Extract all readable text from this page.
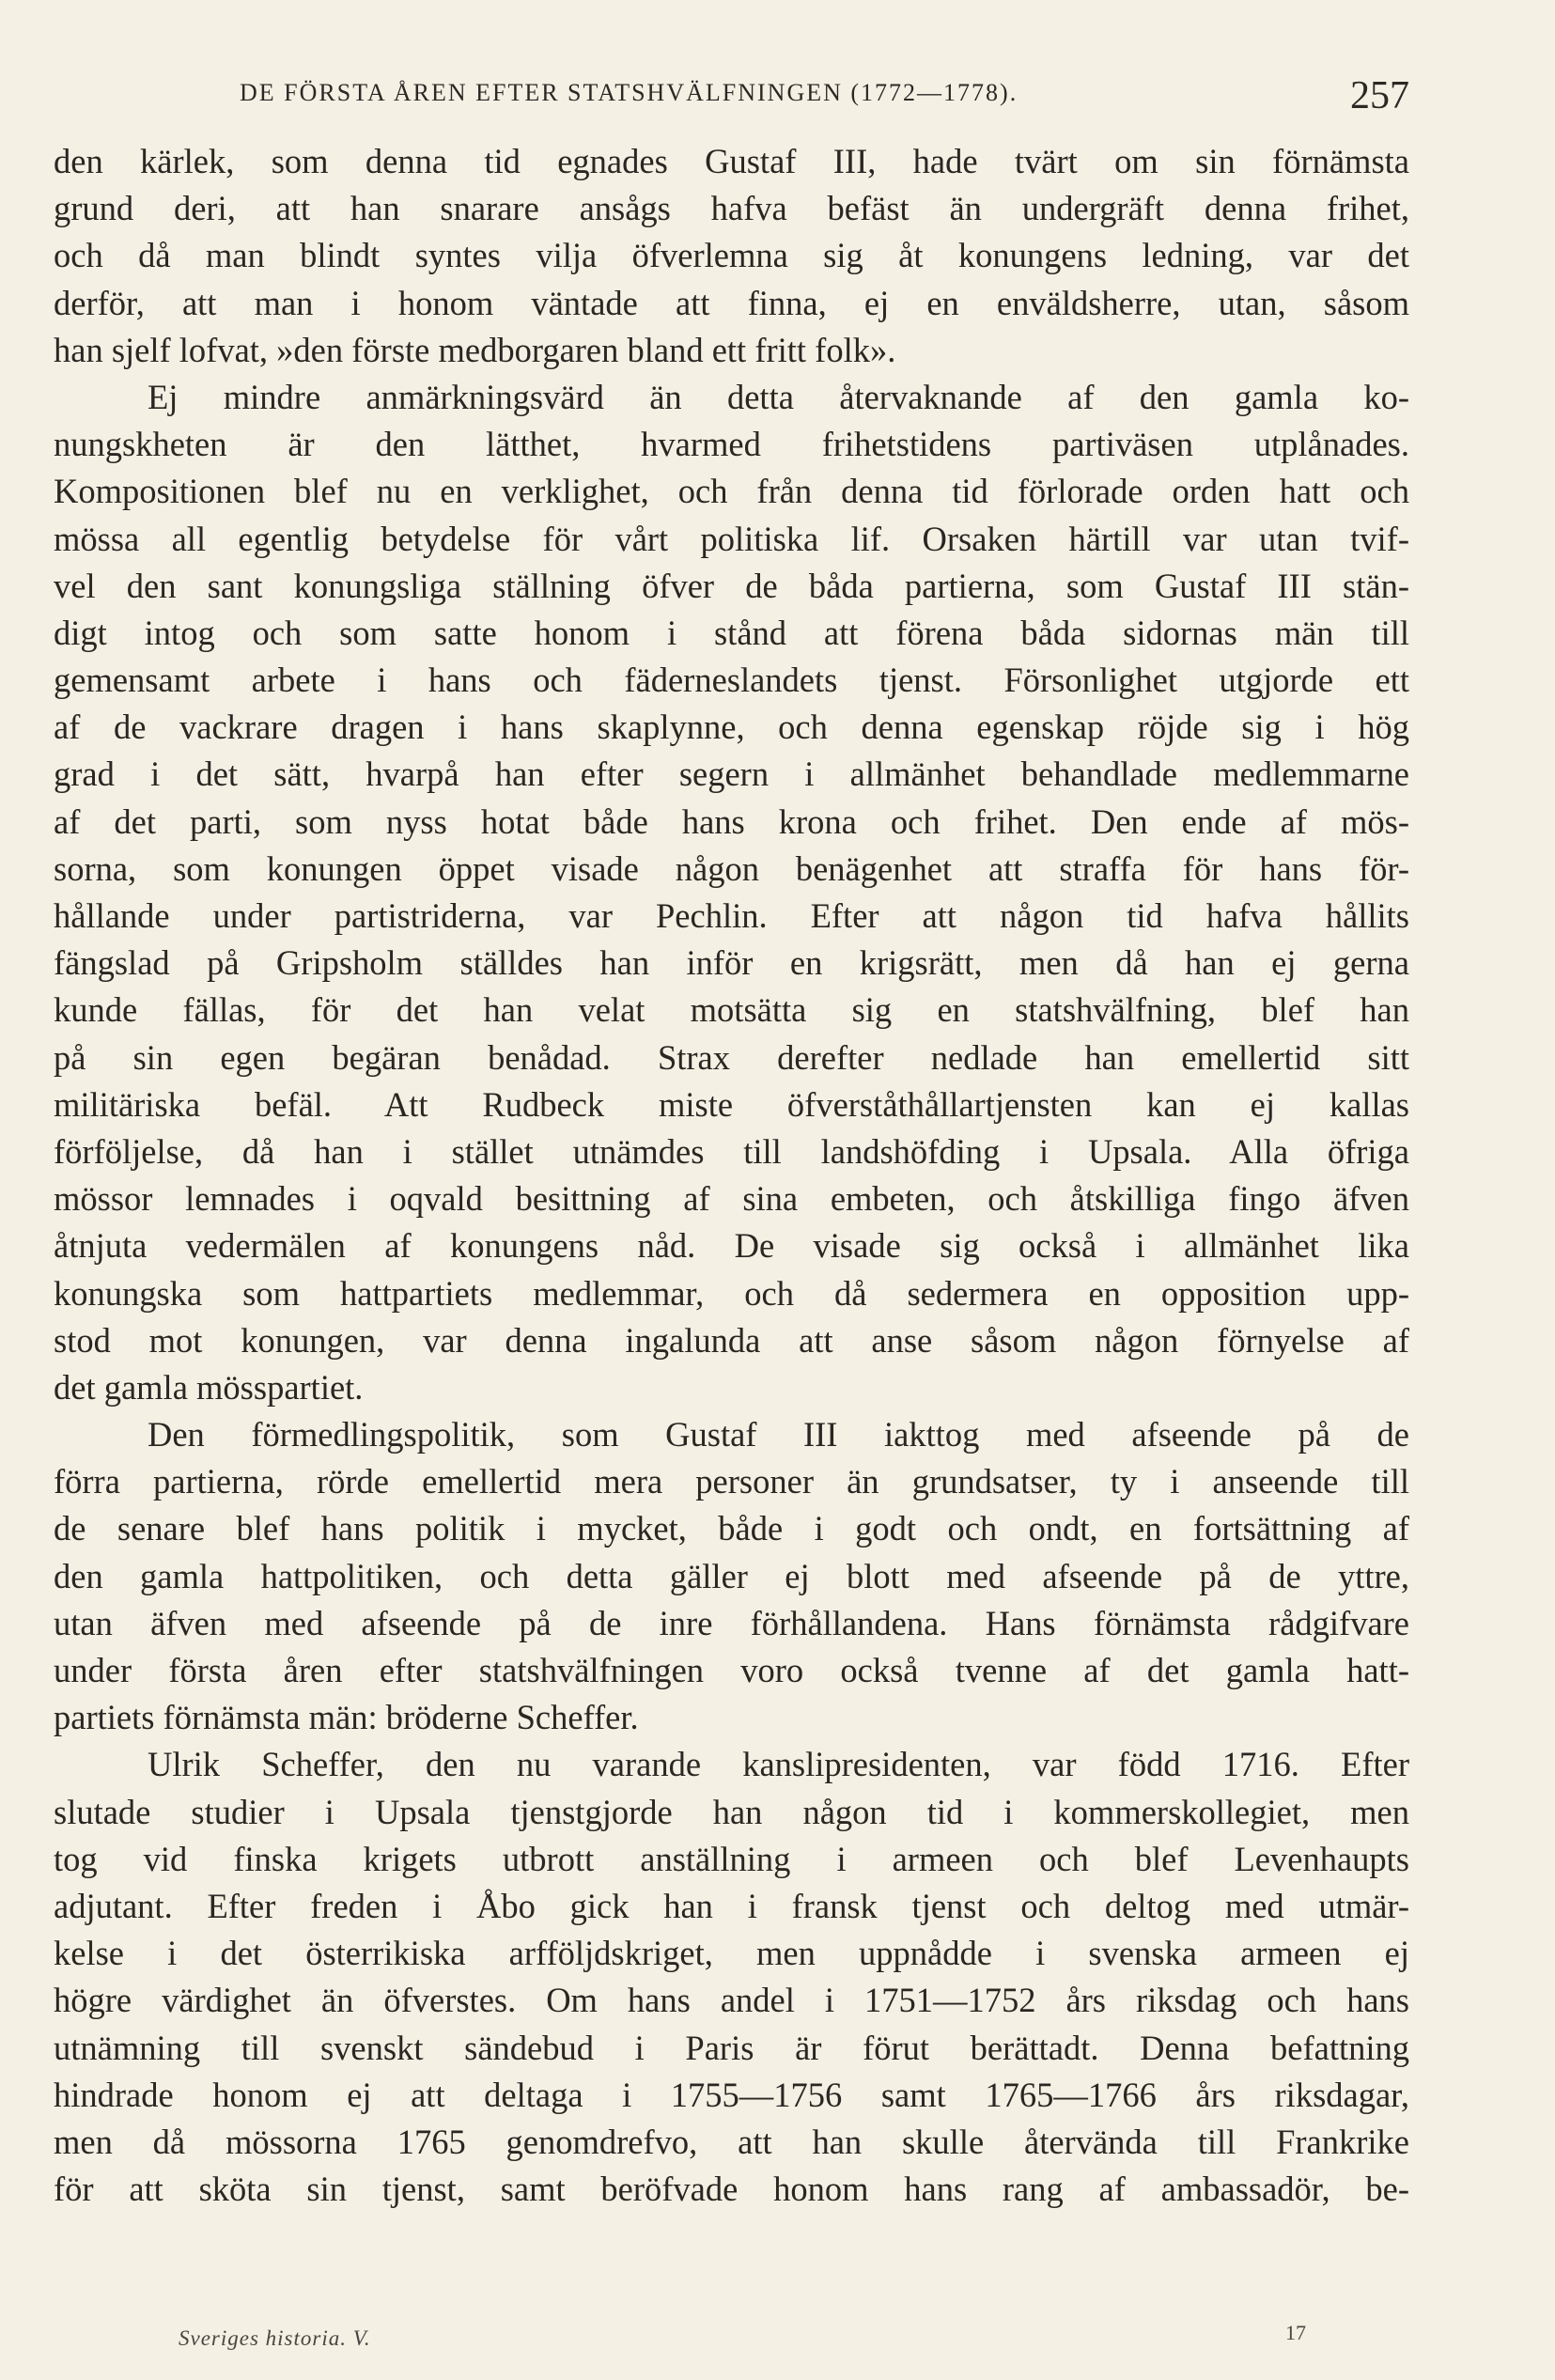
DE FÖRSTA ÅREN EFTER STATSHVÄLFNINGEN (1772—1778).	257
den kärlek, som denna tid egnades Gustaf III, hade tvärt om sin förnämsta
grund deri, att han snarare ansågs hafva befäst än undergräft denna frihet,
och då man blindt syntes vilja öfverlemna sig åt konungens ledning, var det
derför, att man i honom väntade att finna, ej en enväldsherre, utan, såsom
han sjelf lofvat, »den förste medborgaren bland ett fritt folk».
Ej mindre anmärkningsvärd än detta återvaknande af den gamla ko-
nungskheten är den lätthet, hvarmed frihetstidens partiväsen utplånades.
Kompositionen blef nu en verklighet, och från denna tid förlorade orden hatt och
mössa all egentlig betydelse för vårt politiska lif. Orsaken härtill var utan tvif-
vel den sant konungsliga ställning öfver de båda partierna, som Gustaf III stän-
digt intog och som satte honom i stånd att förena båda sidornas män till
gemensamt arbete i hans och fäderneslandets tjenst. Försonlighet utgjorde ett
af de vackrare dragen i hans skaplynne, och denna egenskap röjde sig i hög
grad i det sätt, hvarpå han efter segern i allmänhet behandlade medlemmarne
af det parti, som nyss hotat både hans krona och frihet. Den ende af mös-
sorna, som konungen öppet visade någon benägenhet att straffa för hans för-
hållande under partistriderna, var Pechlin. Efter att någon tid hafva hållits
fängslad på Gripsholm ställdes han inför en krigsrätt, men då han ej gerna
kunde fällas, för det han velat motsätta sig en statshvälfning, blef han
på sin egen begäran benådad. Strax derefter nedlade han emellertid sitt
militäriska befäl. Att Rudbeck miste öfverståthållartjensten kan ej kallas
förföljelse, då han i stället utnämdes till landshöfding i Upsala. Alla öfriga
mössor lemnades i oqvald besittning af sina embeten, och åtskilliga fingo äfven
åtnjuta vedermälen af konungens nåd. De visade sig också i allmänhet lika
konungska som hattpartiets medlemmar, och då sedermera en opposition upp-
stod mot konungen, var denna ingalunda att anse såsom någon förnyelse af
det gamla mösspartiet.
Den förmedlingspolitik, som Gustaf III iakttog med afseende på de
förra partierna, rörde emellertid mera personer än grundsatser, ty i anseende till
de senare blef hans politik i mycket, både i godt och ondt, en fortsättning af
den gamla hattpolitiken, och detta gäller ej blott med afseende på de yttre,
utan äfven med afseende på de inre förhållandena. Hans förnämsta rådgifvare
under första åren efter statshvälfningen voro också tvenne af det gamla hatt-
partiets förnämsta män: bröderne Scheffer.
Ulrik Scheffer, den nu varande kanslipresidenten, var född 1716. Efter
slutade studier i Upsala tjenstgjorde han någon tid i kommerskollegiet, men
tog vid finska krigets utbrott anställning i armeen och blef Levenhaupts
adjutant. Efter freden i Åbo gick han i fransk tjenst och deltog med utmär-
kelse i det österrikiska arfföljdskriget, men uppnådde i svenska armeen ej
högre värdighet än öfverstes. Om hans andel i 1751—1752 års riksdag och hans
utnämning till svenskt sändebud i Paris är förut berättadt. Denna befattning
hindrade honom ej att deltaga i 1755—1756 samt 1765—1766 års riksdagar,
men då mössorna 1765 genomdrefvo, att han skulle återvända till Frankrike
för att sköta sin tjenst, samt beröfvade honom hans rang af ambassadör, be-
Sveriges historia. V.	17
